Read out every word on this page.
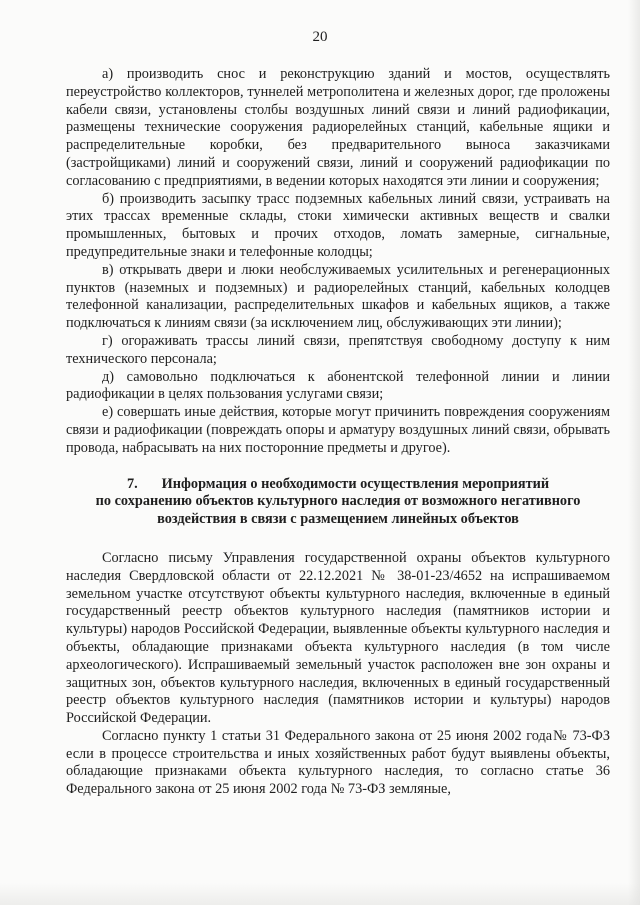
20

а) производить снос и реконструкцию зданий и мостов, осуществлять переустройство коллекторов, туннелей метрополитена и железных дорог, где проложены кабели связи, установлены столбы воздушных линий связи и линий радиофикации, размещены технические сооружения радиорелейных станций, кабельные ящики и распределительные коробки, без предварительного выноса заказчиками (застройщиками) линий и сооружений связи, линий и сооружений радиофикации по согласованию с предприятиями, в ведении которых находятся эти линии и сооружения;

б) производить засыпку трасс подземных кабельных линий связи, устраивать на этих трассах временные склады, стоки химически активных веществ и свалки промышленных, бытовых и прочих отходов, ломать замерные, сигнальные, предупредительные знаки и телефонные колодцы;

в) открывать двери и люки необслуживаемых усилительных и регенерационных пунктов (наземных и подземных) и радиорелейных станций, кабельных колодцев телефонной канализации, распределительных шкафов и кабельных ящиков, а также подключаться к линиям связи (за исключением лиц, обслуживающих эти линии);

г) огораживать трассы линий связи, препятствуя свободному доступу к ним технического персонала;

д) самовольно подключаться к абонентской телефонной линии и линии радиофикации в целях пользования услугами связи;

е) совершать иные действия, которые могут причинить повреждения сооружениям связи и радиофикации (повреждать опоры и арматуру воздушных линий связи, обрывать провода, набрасывать на них посторонние предметы и другое).

7. Информация о необходимости осуществления мероприятий
по сохранению объектов культурного наследия от возможного негативного
воздействия в связи с размещением линейных объектов

Согласно письму Управления государственной охраны объектов культурного наследия Свердловской области от 22.12.2021 № 38-01-23/4652 на испрашиваемом земельном участке отсутствуют объекты культурного наследия, включенные в единый государственный реестр объектов культурного наследия (памятников истории и культуры) народов Российской Федерации, выявленные объекты культурного наследия и объекты, обладающие признаками объекта культурного наследия (в том числе археологического). Испрашиваемый земельный участок расположен вне зон охраны и защитных зон, объектов культурного наследия, включенных в единый государственный реестр объектов культурного наследия (памятников истории и культуры) народов Российской Федерации.

Согласно пункту 1 статьи 31 Федерального закона от 25 июня 2002 года№ 73-ФЗ если в процессе строительства и иных хозяйственных работ будут выявлены объекты, обладающие признаками объекта культурного наследия, то согласно статье 36 Федерального закона от 25 июня 2002 года № 73-ФЗ земляные,
